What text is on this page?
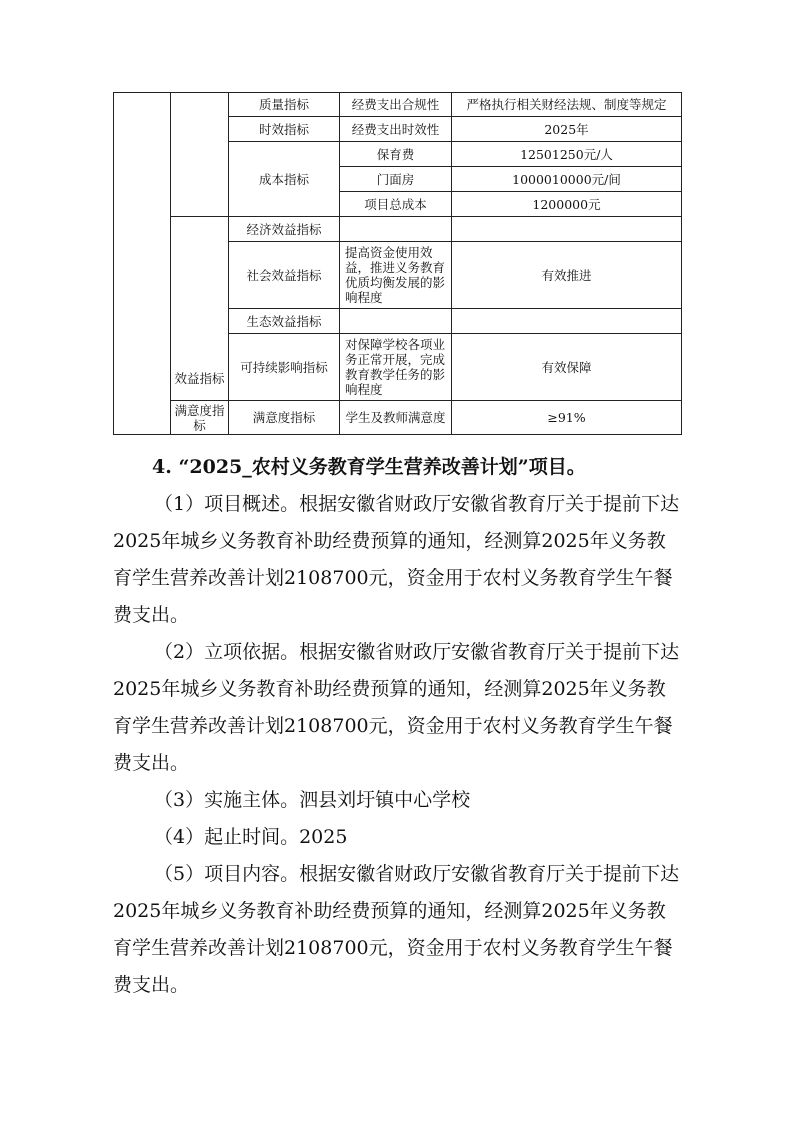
		质量指标	经费支出合规性	严格执行相关财经法规、制度等规定
		时效指标	经费支出时效性	2025年
		成本指标	保育费	12501250元/人
			门面房	1000010000元/间
			项目总成本	1200000元
	效益指标	经济效益指标		
		社会效益指标	提高资金使用效益，推进义务教育优质均衡发展的影响程度	有效推进
		生态效益指标		
		可持续影响指标	对保障学校各项业务正常开展，完成教育教学任务的影响程度	有效保障
	满意度指标	满意度指标	学生及教师满意度	≥91%

4. “2025_农村义务教育学生营养改善计划”项目。

（1）项目概述。根据安徽省财政厅安徽省教育厅关于提前下达2025年城乡义务教育补助经费预算的通知，经测算2025年义务教育学生营养改善计划2108700元，资金用于农村义务教育学生午餐费支出。

（2）立项依据。根据安徽省财政厅安徽省教育厅关于提前下达2025年城乡义务教育补助经费预算的通知，经测算2025年义务教育学生营养改善计划2108700元，资金用于农村义务教育学生午餐费支出。

（3）实施主体。泗县刘圩镇中心学校

（4）起止时间。2025

（5）项目内容。根据安徽省财政厅安徽省教育厅关于提前下达2025年城乡义务教育补助经费预算的通知，经测算2025年义务教育学生营养改善计划2108700元，资金用于农村义务教育学生午餐费支出。
